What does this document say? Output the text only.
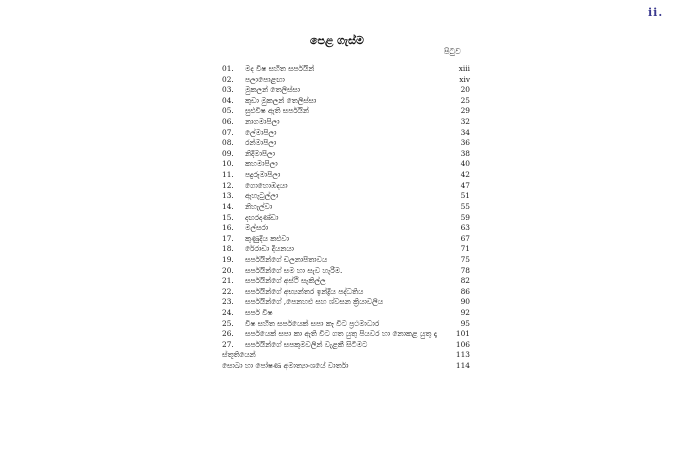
ii.
පෙළ ගැස්ම
පිටුව
01. මද විෂ සහිත සර්පයින්	xiii
02. පලාපොළඟා	xiv
03. මුකලන් තෙලිස්සා	20
04. කුඩා මුකලන් තෙලිස්සා	25
05. සුළුවිෂ ඇති සර්පයින්	29
06. නාගමාපිලා	32
07. ලේමාපිලා	34
08. රන්මාපිලා	36
09. නිදිමාපිලා	38
10. කහමාපිලා	40
11. පදුරුමාපිලා	42
12. ගොහොඹදයා	47
13. ඇහැටුල්ලා	51
14. නිහැල්වා	55
15. දඟරදණ්ඩා	59
16. මල්සරා	63
17. කුණුදිය කළුවා	67
18. රේරාඩා දියනයා	71
19. සර්පයින්ගේ චලනාපිතාවය	75
20. සර්පයින්ගේ සම හා සැව හැරීම.	78
21. සර්පයින්ගේ අස්ථි සැකිල්ල	82
22. සර්පයින්ගේ අභ්‍යන්තර ඉන්ද්‍රිය පද්ධතිය	86
23. සර්පයින්ගේ ,පෙනහළු සහ ශ්වසන ක්‍රියාවලිය	90
24. සර්ප විෂ	92
25. විෂ සහිත සර්පයෙක් සපා කෑ විට ප්‍රථමාධාර	95
26. සර්පයෙක් සපා කා ඇති විට ගත යුතු පියවර හා නොකළ යුතු දෑ	101
27. සර්පයින්ගේ සපකුමවලින් වැළකී සිටීමට	106
ස්තූතියෙන්	113
සොබා හා පෝෂණ අමාත්‍යාංශයේ වාර්තා	114
